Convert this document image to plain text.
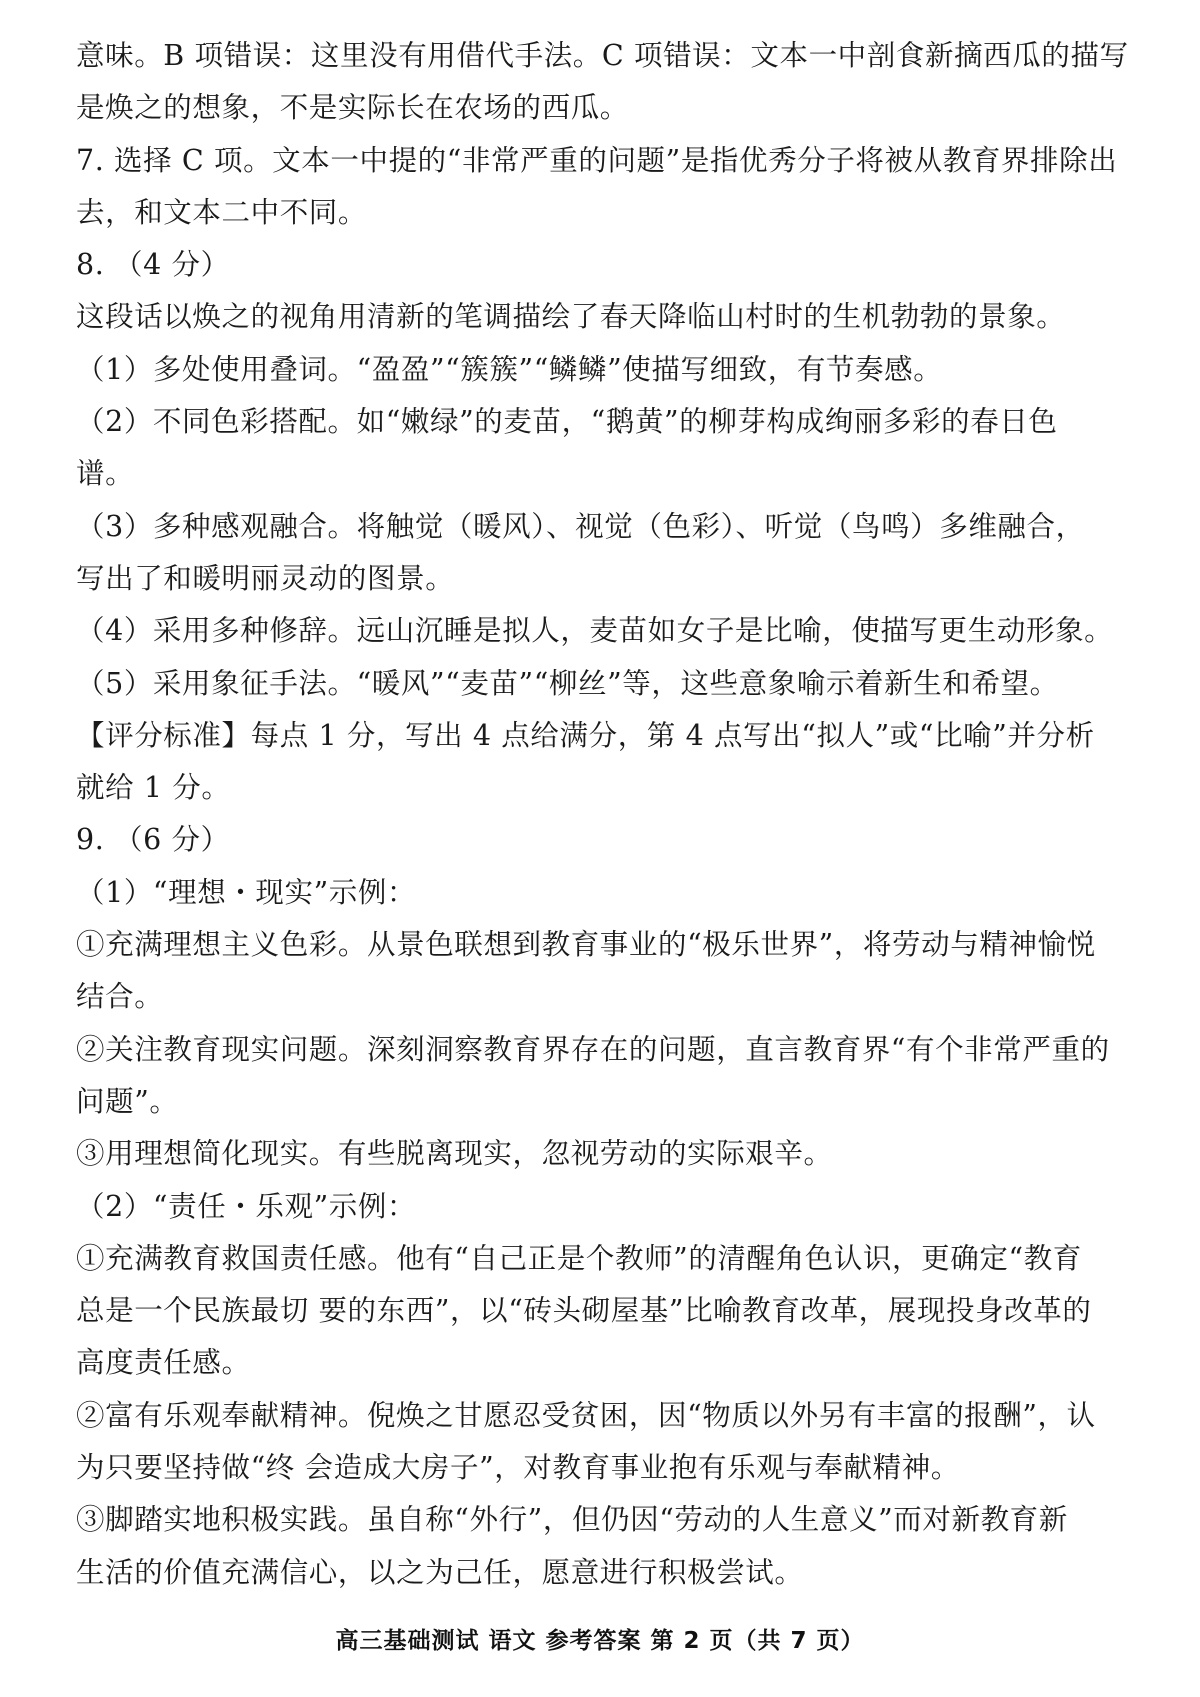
意味。B 项错误：这里没有用借代手法。C 项错误：文本一中剖食新摘西瓜的描写
是焕之的想象，不是实际长在农场的西瓜。
7. 选择 C 项。文本一中提的“非常严重的问题”是指优秀分子将被从教育界排除出
去，和文本二中不同。
8. （4 分）
这段话以焕之的视角用清新的笔调描绘了春天降临山村时的生机勃勃的景象。
（1）多处使用叠词。“盈盈”“簇簇”“鳞鳞”使描写细致，有节奏感。
（2）不同色彩搭配。如“嫩绿”的麦苗，“鹅黄”的柳芽构成绚丽多彩的春日色
谱。
（3）多种感观融合。将触觉（暖风）、视觉（色彩）、听觉（鸟鸣）多维融合，
写出了和暖明丽灵动的图景。
（4）采用多种修辞。远山沉睡是拟人，麦苗如女子是比喻，使描写更生动形象。
（5）采用象征手法。“暖风”“麦苗”“柳丝”等，这些意象喻示着新生和希望。
【评分标准】每点 1 分，写出 4 点给满分，第 4 点写出“拟人”或“比喻”并分析
就给 1 分。
9. （6 分）
（1）“理想・现实”示例：
①充满理想主义色彩。从景色联想到教育事业的“极乐世界”，将劳动与精神愉悦
结合。
②关注教育现实问题。深刻洞察教育界存在的问题，直言教育界“有个非常严重的
问题”。
③用理想简化现实。有些脱离现实，忽视劳动的实际艰辛。
（2）“责任・乐观”示例：
①充满教育救国责任感。他有“自己正是个教师”的清醒角色认识，更确定“教育
总是一个民族最切 要的东西”，以“砖头砌屋基”比喻教育改革，展现投身改革的
高度责任感。
②富有乐观奉献精神。倪焕之甘愿忍受贫困，因“物质以外另有丰富的报酬”，认
为只要坚持做“终 会造成大房子”，对教育事业抱有乐观与奉献精神。
③脚踏实地积极实践。虽自称“外行”，但仍因“劳动的人生意义”而对新教育新
生活的价值充满信心，以之为己任，愿意进行积极尝试。
高三基础测试 语文 参考答案 第 2 页（共 7 页）
